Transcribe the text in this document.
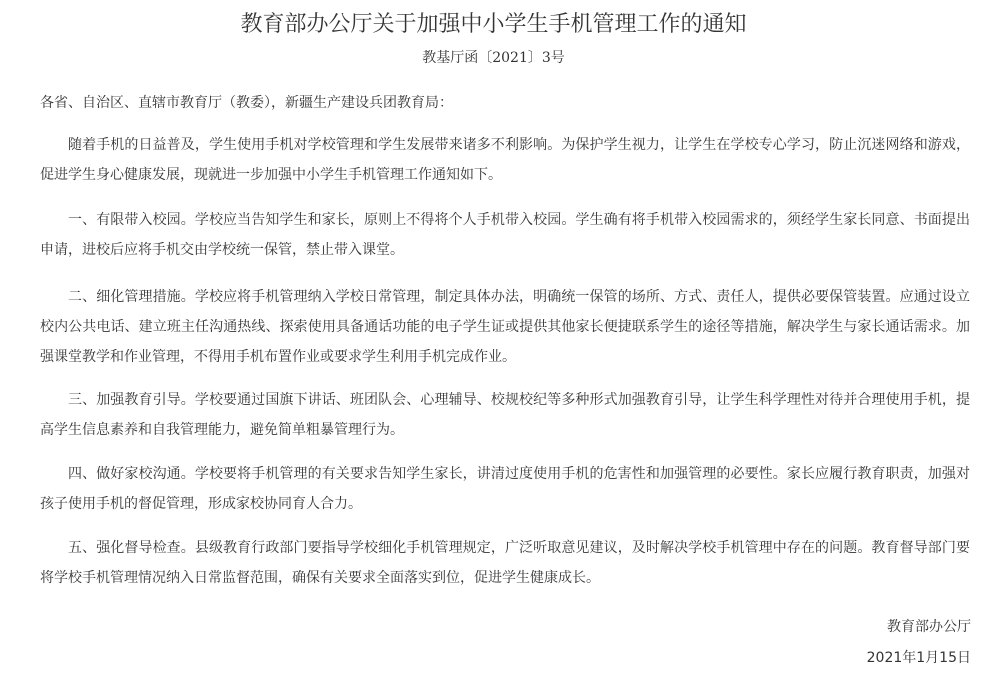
教育部办公厅关于加强中小学生手机管理工作的通知
教基厅函〔2021〕3号
各省、自治区、直辖市教育厅（教委），新疆生产建设兵团教育局：

随着手机的日益普及，学生使用手机对学校管理和学生发展带来诸多不利影响。为保护学生视力，让学生在学校专心学习，防止沉迷网络和游戏，促进学生身心健康发展，现就进一步加强中小学生手机管理工作通知如下。

一、有限带入校园。学校应当告知学生和家长，原则上不得将个人手机带入校园。学生确有将手机带入校园需求的，须经学生家长同意、书面提出申请，进校后应将手机交由学校统一保管，禁止带入课堂。

二、细化管理措施。学校应将手机管理纳入学校日常管理，制定具体办法，明确统一保管的场所、方式、责任人，提供必要保管装置。应通过设立校内公共电话、建立班主任沟通热线、探索使用具备通话功能的电子学生证或提供其他家长便捷联系学生的途径等措施，解决学生与家长通话需求。加强课堂教学和作业管理，不得用手机布置作业或要求学生利用手机完成作业。

三、加强教育引导。学校要通过国旗下讲话、班团队会、心理辅导、校规校纪等多种形式加强教育引导，让学生科学理性对待并合理使用手机，提高学生信息素养和自我管理能力，避免简单粗暴管理行为。

四、做好家校沟通。学校要将手机管理的有关要求告知学生家长，讲清过度使用手机的危害性和加强管理的必要性。家长应履行教育职责，加强对孩子使用手机的督促管理，形成家校协同育人合力。

五、强化督导检查。县级教育行政部门要指导学校细化手机管理规定，广泛听取意见建议，及时解决学校手机管理中存在的问题。教育督导部门要将学校手机管理情况纳入日常监督范围，确保有关要求全面落实到位，促进学生健康成长。

教育部办公厅
2021年1月15日
